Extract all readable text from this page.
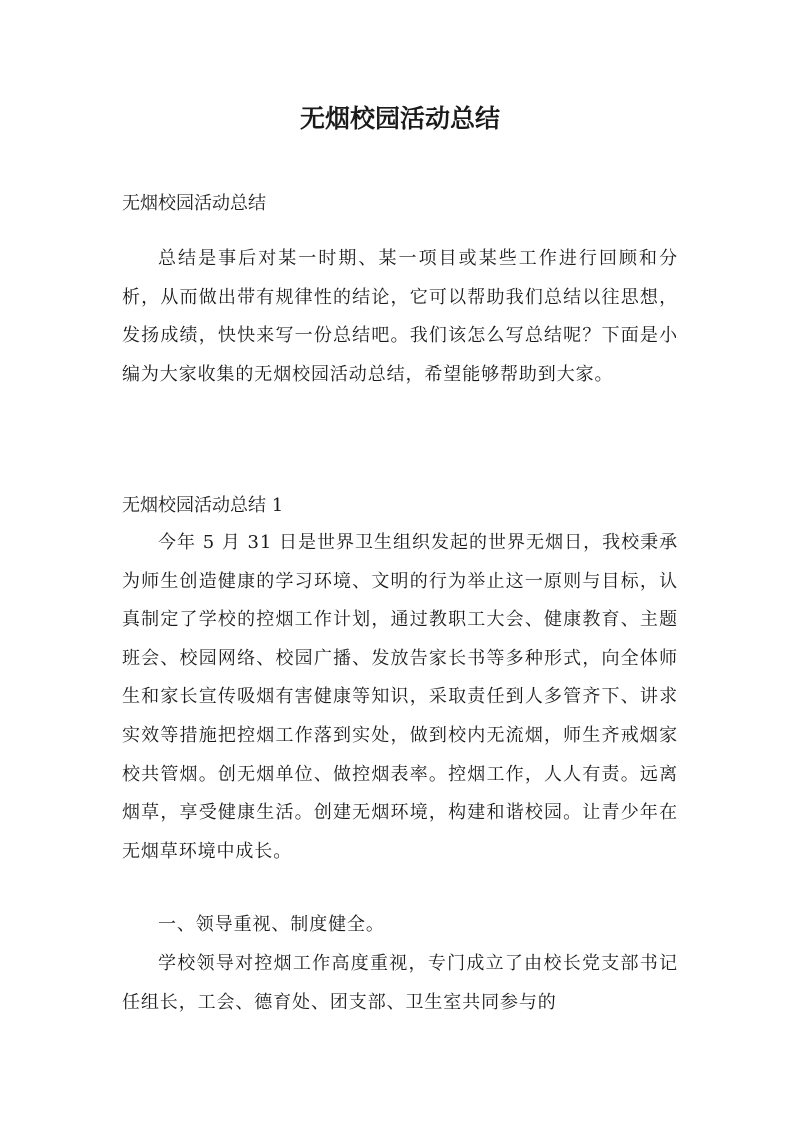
无烟校园活动总结

无烟校园活动总结

总结是事后对某一时期、某一项目或某些工作进行回顾和分析，从而做出带有规律性的结论，它可以帮助我们总结以往思想，发扬成绩，快快来写一份总结吧。我们该怎么写总结呢？下面是小编为大家收集的无烟校园活动总结，希望能够帮助到大家。

无烟校园活动总结 1

今年 5 月 31 日是世界卫生组织发起的世界无烟日，我校秉承为师生创造健康的学习环境、文明的行为举止这一原则与目标，认真制定了学校的控烟工作计划，通过教职工大会、健康教育、主题班会、校园网络、校园广播、发放告家长书等多种形式，向全体师生和家长宣传吸烟有害健康等知识，采取责任到人多管齐下、讲求实效等措施把控烟工作落到实处，做到校内无流烟，师生齐戒烟家校共管烟。创无烟单位、做控烟表率。控烟工作，人人有责。远离烟草，享受健康生活。创建无烟环境，构建和谐校园。让青少年在无烟草环境中成长。

一、领导重视、制度健全。

学校领导对控烟工作高度重视，专门成立了由校长党支部书记任组长，工会、德育处、团支部、卫生室共同参与的
